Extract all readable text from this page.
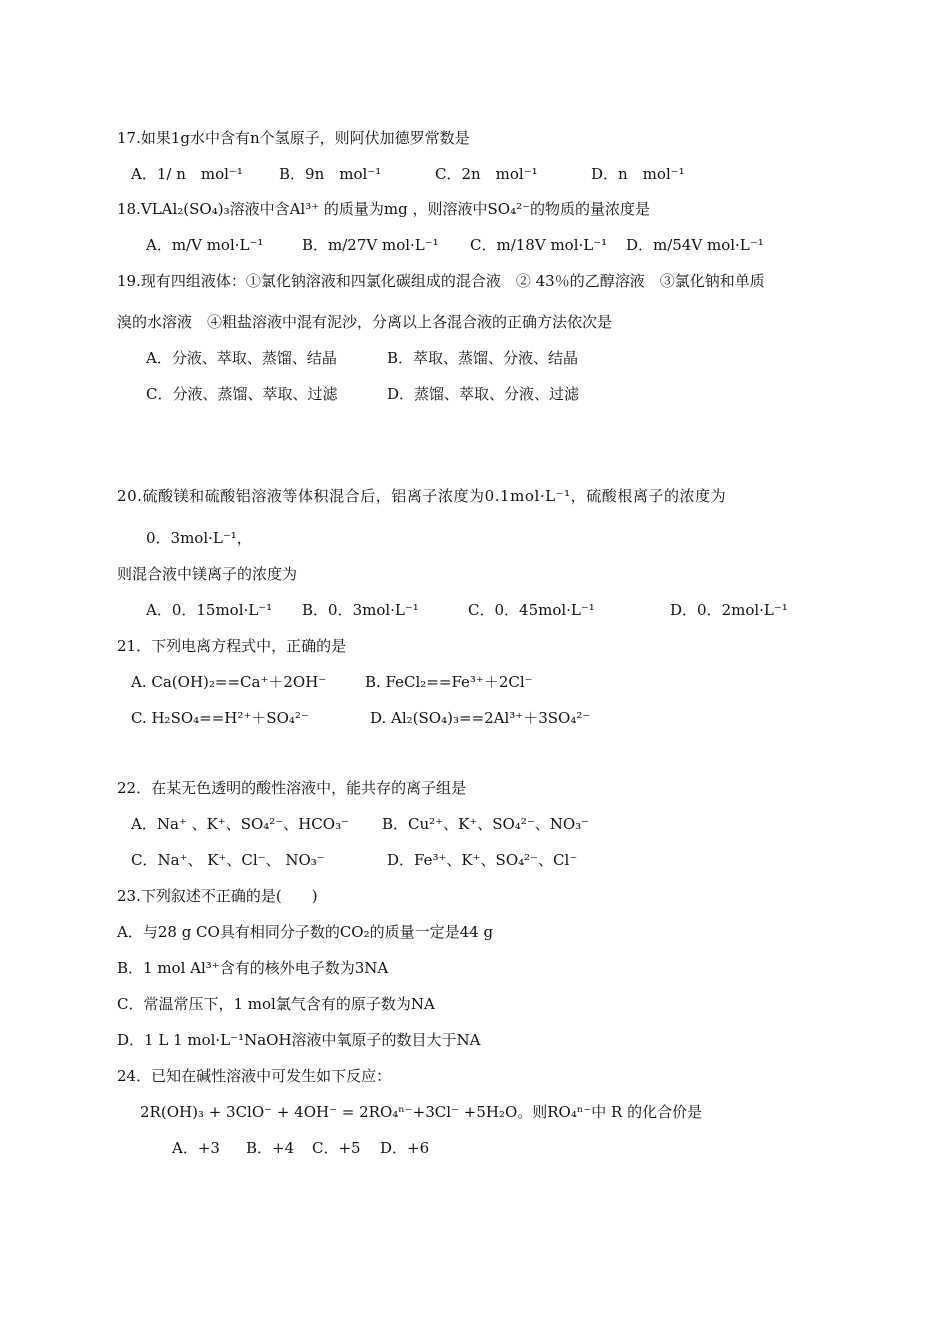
17.如果1g水中含有n个氢原子，则阿伏加德罗常数是
A．1/ n　mol⁻¹ B．9n　mol⁻¹	C．2n　mol⁻¹	D．n　mol⁻¹
18.VLAl₂(SO₄)₃溶液中含Al³⁺ 的质量为mg ，则溶液中SO₄²⁻的物质的量浓度是
A．m/V mol·L⁻¹	B．m/27V mol·L⁻¹ C．m/18V mol·L⁻¹ D．m/54V mol·L⁻¹
19.现有四组液体：①氯化钠溶液和四氯化碳组成的混合液　② 43％的乙醇溶液　③氯化钠和单质
溴的水溶液　④粗盐溶液中混有泥沙，分离以上各混合液的正确方法依次是
A．分液、萃取、蒸馏、结晶	B．萃取、蒸馏、分液、结晶
C．分液、蒸馏、萃取、过滤	D．蒸馏、萃取、分液、过滤
20.硫酸镁和硫酸铝溶液等体积混合后，铝离子浓度为0.1mol·L⁻¹，硫酸根离子的浓度为
0．3mol·L⁻¹，
则混合液中镁离子的浓度为
A．0．15mol·L⁻¹ B．0．3mol·L⁻¹	C．0．45mol·L⁻¹	D．0．2mol·L⁻¹
21．下列电离方程式中，正确的是
A. Ca(OH)₂==Ca⁺＋2OH⁻	B. FeCl₂==Fe³⁺＋2Cl⁻
C. H₂SO₄==H²⁺＋SO₄²⁻	D. Al₂(SO₄)₃==2Al³⁺＋3SO₄²⁻
22．在某无色透明的酸性溶液中，能共存的离子组是
A．Na⁺ 、K⁺、SO₄²⁻、HCO₃⁻ B．Cu²⁺、K⁺、SO₄²⁻、NO₃⁻
C．Na⁺、 K⁺、Cl⁻、 NO₃⁻	D．Fe³⁺、K⁺、SO₄²⁻、Cl⁻
23.下列叙述不正确的是(　　)
A．与28 g CO具有相同分子数的CO₂的质量一定是44 g
B．1 mol Al³⁺含有的核外电子数为3NA
C．常温常压下，1 mol氯气含有的原子数为NA
D．1 L 1 mol·L⁻¹NaOH溶液中氧原子的数目大于NA
24．已知在碱性溶液中可发生如下反应：
2R(OH)₃ + 3ClO⁻ + 4OH⁻ = 2RO₄ⁿ⁻+3Cl⁻ +5H₂O。则RO₄ⁿ⁻中 R 的化合价是
A．+3 B．+4 C．+5 D．+6
